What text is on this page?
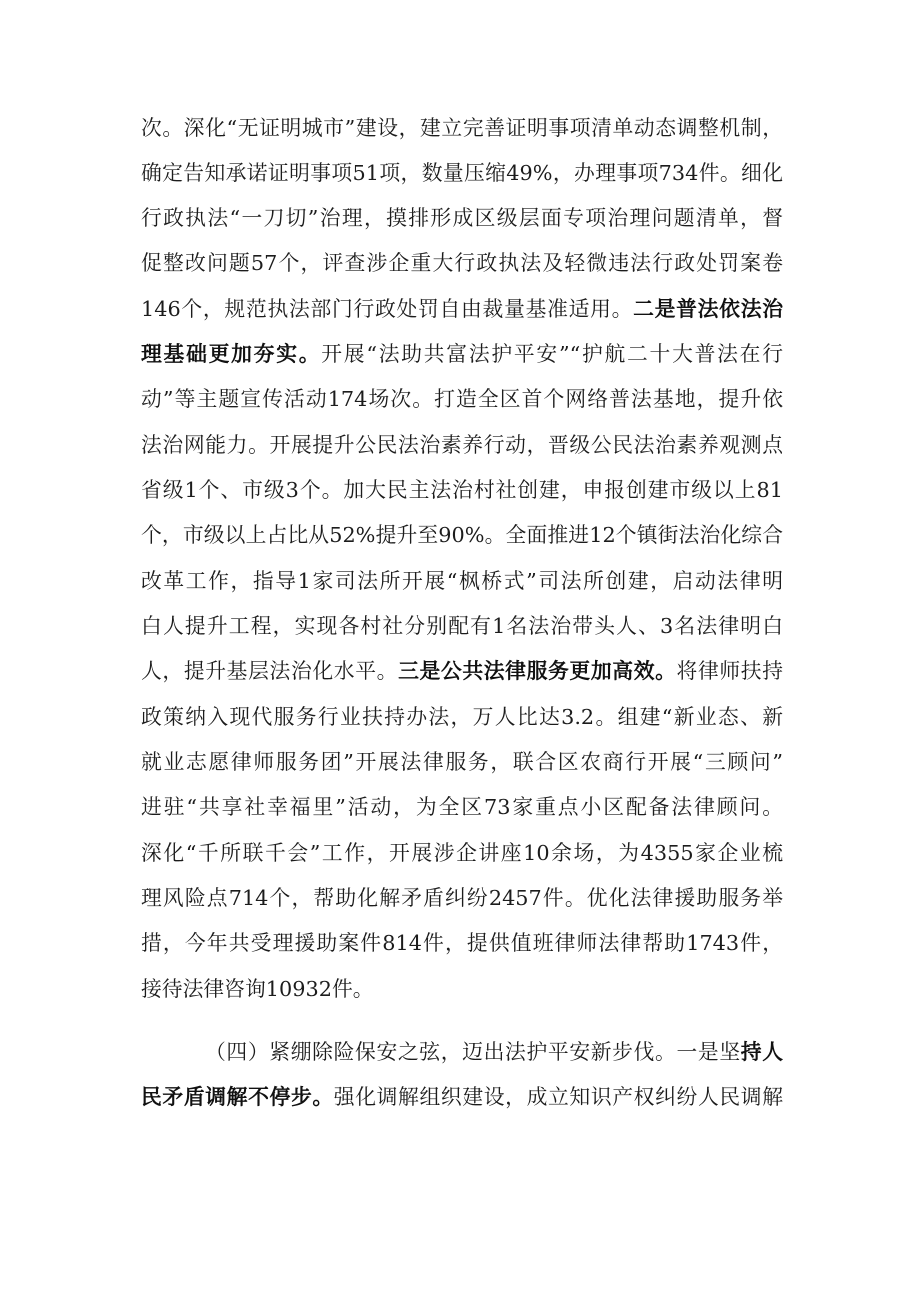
次。深化“无证明城市”建设，建立完善证明事项清单动态调整机制，
确定告知承诺证明事项51项，数量压缩49%，办理事项734件。细化
行政执法“一刀切”治理，摸排形成区级层面专项治理问题清单，督
促整改问题57个，评查涉企重大行政执法及轻微违法行政处罚案卷
146个，规范执法部门行政处罚自由裁量基准适用。二是普法依法治
理基础更加夯实。开展“法助共富法护平安”“护航二十大普法在行
动”等主题宣传活动174场次。打造全区首个网络普法基地，提升依
法治网能力。开展提升公民法治素养行动，晋级公民法治素养观测点
省级1个、市级3个。加大民主法治村社创建，申报创建市级以上81
个，市级以上占比从52%提升至90%。全面推进12个镇街法治化综合
改革工作，指导1家司法所开展“枫桥式”司法所创建，启动法律明
白人提升工程，实现各村社分别配有1名法治带头人、3名法律明白
人，提升基层法治化水平。三是公共法律服务更加高效。将律师扶持
政策纳入现代服务行业扶持办法，万人比达3.2。组建“新业态、新
就业志愿律师服务团”开展法律服务，联合区农商行开展“三顾问”
进驻“共享社幸福里”活动，为全区73家重点小区配备法律顾问。
深化“千所联千会”工作，开展涉企讲座10余场，为4355家企业梳
理风险点714个，帮助化解矛盾纠纷2457件。优化法律援助服务举
措，今年共受理援助案件814件，提供值班律师法律帮助1743件，
接待法律咨询10932件。
（四）紧绷除险保安之弦，迈出法护平安新步伐。一是坚持人
民矛盾调解不停步。强化调解组织建设，成立知识产权纠纷人民调解
